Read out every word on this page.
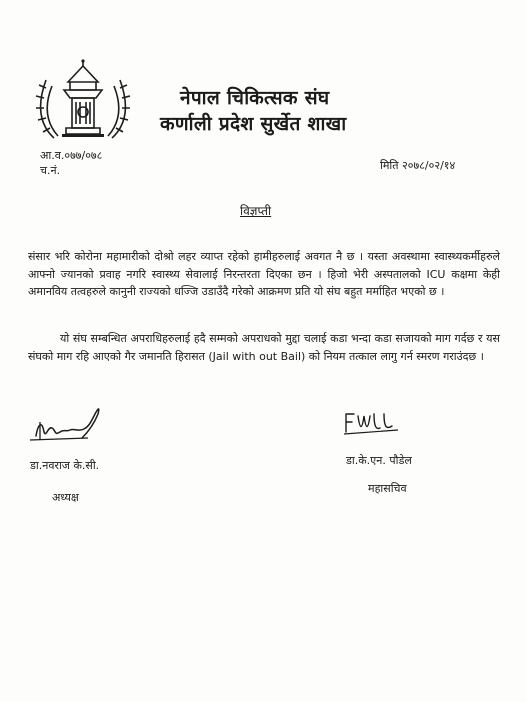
नेपाल चिकित्सक संघ
कर्णाली प्रदेश सुर्खेत शाखा
आ.व.०७७/०७८
च.नं.	मिति २०७८/०२/१४
विज्ञप्ती
संसार भरि कोरोना महामारीको दोश्रो लहर व्याप्त रहेको हामीहरुलाई अवगत नै छ । यस्ता अवस्थामा स्वास्थ्यकर्मीहरुले आफ्नो ज्यानको प्रवाह नगरि स्वास्थ्य सेवालाई निरन्तरता दिएका छन । हिजो भेरी अस्पतालको ICU कक्षमा केही अमानविय तत्वहरुले कानुनी राज्यको धज्जि उडाउँदै गरेको आक्रमण प्रति यो संघ बहुत मर्माहित भएको छ ।
यो संघ सम्बन्धित अपराधिहरुलाई हदै सम्मको अपराधको मुद्दा चलाई कडा भन्दा कडा सजायको माग गर्दछ र यस संघको माग रहि आएको गैर जमानति हिरासत (Jail with out Bail) को नियम तत्काल लागु गर्न स्मरण गराउंदछ ।
डा.नवराज के.सी.
अध्यक्ष
डा.के.एन. पौडेल
महासचिव
